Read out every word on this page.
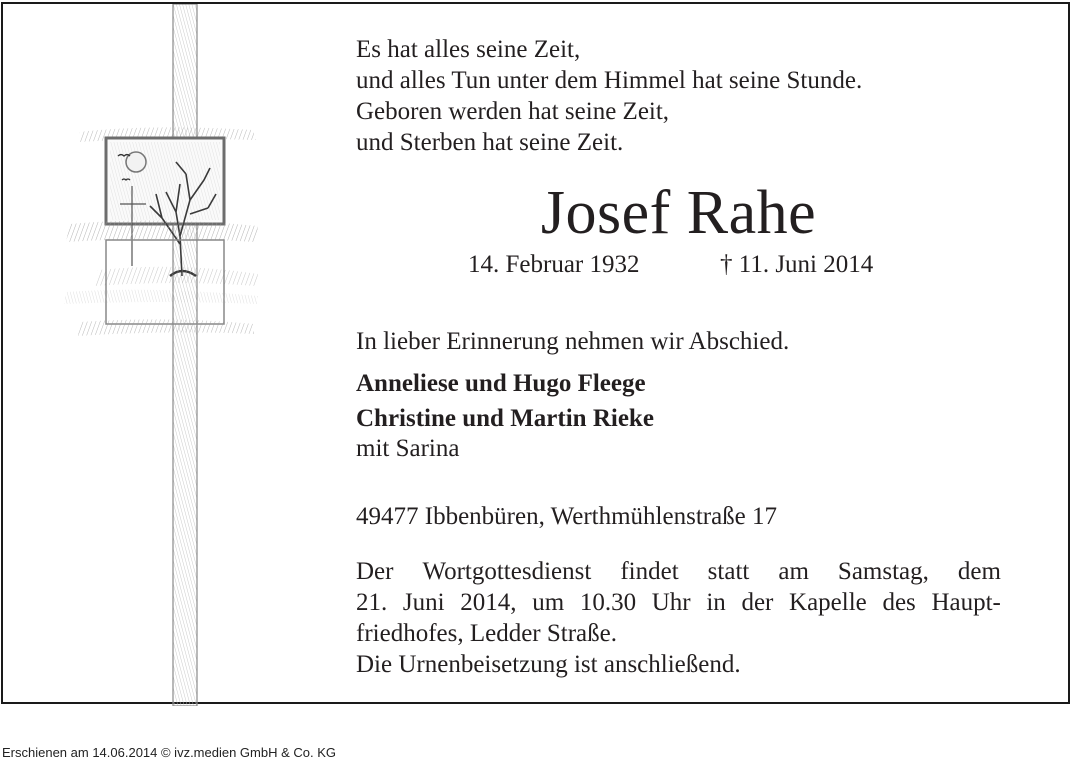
Es hat alles seine Zeit,
und alles Tun unter dem Himmel hat seine Stunde.
Geboren werden hat seine Zeit,
und Sterben hat seine Zeit.
Josef Rahe
14. Februar 1932	† 11. Juni 2014
In lieber Erinnerung nehmen wir Abschied.
Anneliese und Hugo Fleege
Christine und Martin Rieke
mit Sarina
49477 Ibbenbüren, Werthmühlenstraße 17
Der Wortgottesdienst findet statt am Samstag, dem
21. Juni 2014, um 10.30 Uhr in der Kapelle des Haupt-
friedhofes, Ledder Straße.
Die Urnenbeisetzung ist anschließend.
Erschienen am 14.06.2014 © ivz.medien GmbH & Co. KG
